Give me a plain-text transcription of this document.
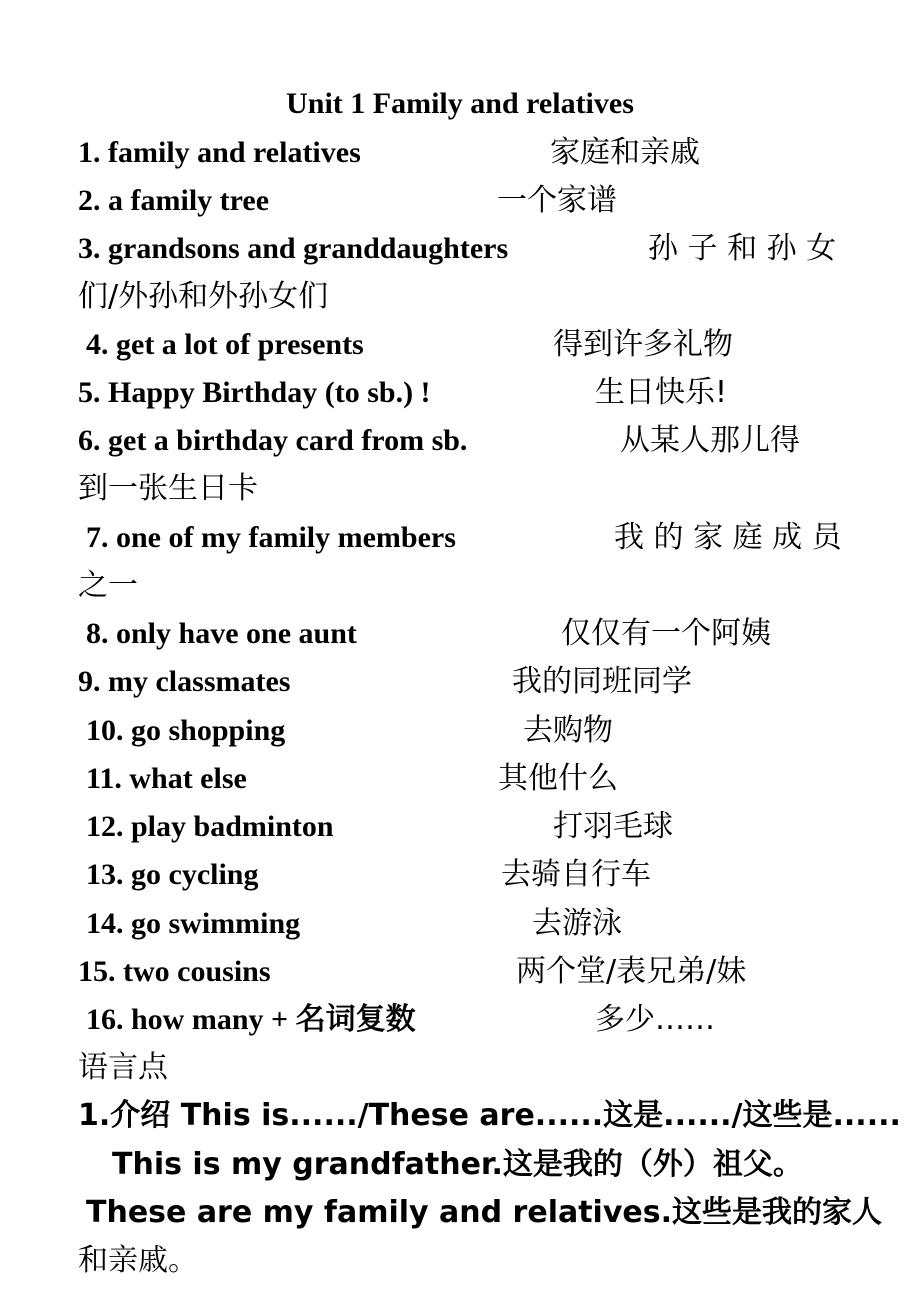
Unit 1 Family and relatives
1. family and relatives	家庭和亲戚
2. a family tree	一个家谱
3. grandsons and granddaughters	孙 子 和 孙 女
们/外孙和外孙女们
4. get a lot of presents	得到许多礼物
5. Happy Birthday (to sb.) !	生日快乐!
6. get a birthday card from sb.	从某人那儿得
到一张生日卡
7. one of my family members	我 的 家 庭 成 员
之一
8. only have one aunt	仅仅有一个阿姨
9. my classmates	我的同班同学
10. go shopping	去购物
11. what else	其他什么
12. play badminton	打羽毛球
13. go cycling	去骑自行车
14. go swimming	去游泳
15. two cousins	两个堂/表兄弟/妹
16. how many + 名词复数	多少……
语言点
1.介绍 This is....../These are......这是....../这些是......
This is my grandfather.这是我的（外）祖父。
These are my family and relatives.这些是我的家人
和亲戚。
